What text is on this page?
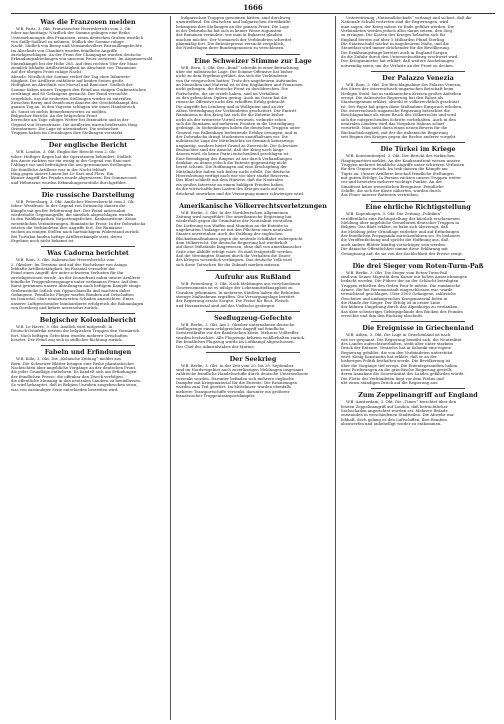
1666
Was die Franzosen melden
W.B. Paris, 3. Okt. Französischer Heeresbericht vom 2. Ok-
tober nachmittags: Nördlich der Somme gelingen eine Reihe
Unternehmungen den Franzosen, einen deutschen Graben westlich
von Sailly-Saillisel zu nehmen. Südlich der Somme ruhige
Nacht. Südlich von Berny und Vermandovillers Patrouillengefechte.
Im Abschnitt von Chaulnes wurden feindliche Angriffe
zurückgeschlagen. An der Front der Champagne wurden deutsche
Erkundungsabteilungen von unserem Feuer zerstreut. Im Argonnerwald
Minenkämpfe bei der Höhe 285. Auf dem rechten Ufer der Maas
ziemlich lebhafte Artillerietätigkeit im Abschnitt von Thiaumont.
Auf der übrigen Front ruhige Nacht.
Abends: Nördlich der Somme verlief der Tag ohne Infanterie-
tätigkeit. Die Artillerie entfaltete auf beiden Seiten große
Heftigkeit im Abschnitt von Morval und Rancourt. Südlich der
Somme haben unsere Truppen den Feind aus einigen Grabenstücken
verdrängt und 80 Gefangene gemacht. Der Feind versuchte
vergeblich, uns die eroberten Stellungen wieder zu entreißen.
Zwischen Berny und Deniécourt dauerte der Geschützkampf den
ganzen Tag an. In den Vogesen schlugen wir einen Handstreich
ab. Sonst ist nichts Bemerkenswertes zu melden.
Belgischer Bericht: An der belgischen Front
herrschte am Tage ruhiges Wetter bei Dixmuiden und in der
Gegend von Steenstraate. Die Artillerien waren beiderseits tätig.
Orientarmee: Die Lage ist unverändert. Die serbischen
Truppen haben im Cernabogen ihre Stellungen verstärkt.
Der englische Bericht
W.B. London, 3. Okt. Englischer Bericht vom 2. Ok-
tober: Heftiger Regen hat die Operationen behindert. Südlich
des Ancre rückten wir ein wenig in der Gegend von Eaucourt
l'Abbaye vor und befestigten die neu gewonnenen Stellungen.
Die feindliche Artillerie war in der Nacht lebhaft
tätig gegen unsere Linien bei Le Sars und Flers. Ein
kleiner Angriff des Feindes wurde abgewiesen. Bei Gommecourt
und Hébuterne wurden Erkundungsvorstöße durchgeführt.
Die russische Darstellung
W.B. Petersburg, 3. Okt. Amtlicher Heeresbericht vom 2. Ok-
tober: Westfront: In der Gegend von Swiniuchy dauern die
Kämpfe mit großer Erbitterung fort. Der Feind unternahm
wiederholte Gegenangriffe, die sämtlich abgeschlagen wurden.
In den Waldkarpathen Vorpostengefechte. Kaukasusfront: Keine
wesentlichen Veränderungen. Rumänische Front: In der Dobrudscha
setzten die Verbündeten ihre Angriffe fort. Die Rumänen
wichen an einigen Stellen nach hartnäckigem Widerstand zurück.
Bei Turtukai fanden heftige Artilleriekämpfe statt, deren
Ergebnis noch nicht bekannt ist.
Was Cadorna berichtet
W.B. Rom, 3. Okt. Italienischer Heeresbericht vom
2. Oktober: Im Trentino und auf der Hochebene von Asiago
lebhafte Artillerietätigkeit. Im Fassatal versuchte der
Feind einen Angriff, der unter schweren Verlusten für ihn
zurückgewiesen wurde. An der Isonzofront nahm unsere Artillerie
feindliche Truppenbewegungen unter wirksames Feuer. Auf dem
Karst gewannen unsere Abteilungen nach heftigem Kampfe einige
Grabenstücke östlich von Oppacchiasella und machten dabei
Gefangene. Feindliche Flieger warfen Bomben auf Ortschaften
im Isonzotal, ohne nennenswerten Schaden anzurichten. Eines
unserer Luftgeschwader bombardierte erfolgreich die Bahnanlagen
von Dornberg und kehrte unversehrt zurück.
Belgischer Kolonialbericht
W.B. Le Havre, 3. Okt. Amtlich wird mitgeteilt: In
Deutsch-Ostafrika setzten die belgischen Truppen den Vormarsch
fort. Nach heftigen Gefechten wurden mehrere Ortschaften
besetzt. Der Feind zog sich in südlicher Richtung zurück.
Fabeln und Erfindungen
W.B. Köln, 3. Okt. Die „Kölnische Zeitung“ meldet aus
Bern: Die Schweizer Blätter bringen eine Reihe phantastischer
Nachrichten über angebliche Vorgänge an der deutschen Front,
die jeder Grundlage entbehren. Es handelt sich um Erfindungen
der feindlichen Presse, die offenbar den Zweck verfolgen,
die öffentliche Meinung in den neutralen Ländern zu beeinflussen.
So wird behauptet, daß in Belgien Unruhen ausgebrochen seien,
was von zuständiger Seite entschieden bestritten wird.
bulgarischen Truppen gewonnen hätten, sind durchweg
unzutreffend. Die deutschen und bulgarischen Streitkräfte
behaupten ihre Stellungen an der ganzen Front. Die Lage
in der Dobrudscha hat sich in keiner Weise zugunsten
der Rumänen verändert, wie man in Bukarest glauben
machen möchte. Der Vormarsch der Verbündeten schreitet
planmäßig fort. Die Ententepresse versucht vergeblich,
die Niederlagen ihrer Bundesgenossen zu verschleiern.
Eine Schweizer Stimme zur Lage
W.B. Bern, 3. Okt. Der „Bund“ schreibt in einer Betrachtung
über die militärische Lage: Die Somme-Offensive hat bisher
nicht zu dem Ergebnis geführt, das sich die Verbündeten
von ihr versprochen hatten. Trotz des ungeheuren Aufwandes
an Menschen und Material ist es den Engländern und Franzosen
nicht gelungen, die deutsche Front zu durchbrechen. Die
Fortschritte, die sie erzielt haben, sind im Verhältnis
zu den gebrachten Opfern gering. Auch im Osten hat die
russische Offensive nicht den erhofften Erfolg gebracht.
Die Angriffe bei Lemberg und in Wolhynien sind an der
zähen Verteidigung der Verbündeten gescheitert. Der Eintritt
Rumäniens in den Krieg hat sich für die Entente bisher
nicht als der erwartete Vorteil erwiesen, vielmehr sehen
sich die Rumänen auf mehreren Fronten in die Verteidigung
gedrängt. In Siebenbürgen haben die deutschen Truppen unter
General von Falkenhayn bedeutende Erfolge errungen, und in
der Dobrudscha dringt Mackensen unaufhaltsam vor. Die
militärische Lage der Mittelmächte ist demnach keineswegs
ungünstig, sondern bietet Grund zu Zuversicht. Die Schweizer
Beobachter sind der Ansicht, daß der Krieg noch lange
dauern wird, da keine Partei entscheidend geschlagen ist.
Eine Beendigung des Ringens ist nur durch Verhandlungen
denkbar, zu denen jedoch die Entente gegenwärtig nicht
bereit scheint. Die Hoffnungen auf eine Erschöpfung der
Mittelmächte haben sich bisher nicht erfüllt. Die deutsche
Heeresleitung verfügt nach wie vor über starke Reserven.
Das Blatt schließt mit dem Hinweis, daß die Neutralen
ein großes Interesse an einem baldigen Frieden haben,
da die wirtschaftlichen Lasten des Krieges auch auf sie
drückend einwirken und die Versorgung immer schwieriger wird.
Amerikanische Völkerrechtsverletzungen
W.B. Berlin, 3. Okt. In der Norddeutschen Allgemeinen
Zeitung wird ausgeführt: Die amerikanische Regierung hat
wiederholt gegen die Grundsätze der Neutralität verstoßen.
Die Lieferung von Waffen und Munition an die Entente in
ungeheurem Umfange ist mit den Pflichten eines neutralen
Staates unvereinbar. Auch die Duldung der englischen
Blockademaßnahmen gegen die neutrale Schiffahrt widerspricht
dem Völkerrecht. Die deutsche Regierung hat wiederholt
auf diese Mißstände hingewiesen, ohne daß von amerikanischer
Seite eine Abhilfe erfolgt wäre. Es muß festgestellt werden,
daß die Vereinigten Staaten durch ihr Verhalten die Dauer
des Krieges wesentlich verlängern. Das deutsche Volk wird
sich diese Tatsachen für die Zukunft merken müssen.
Aufruhr aus Rußland
W.B. Petersburg, 3. Okt. Nach Meldungen aus verschiedenen
Gouvernements ist es infolge der Lebensmittelknappheit zu
Unruhen gekommen. In mehreren Städten haben die Behörden
strenge Maßnahmen ergriffen. Die Versorgungslage bereitet
der Regierung ernste Sorgen. Die Preise für Brot, Fleisch
und Heizmaterial sind auf das Vielfache gestiegen.
Seeflugzeug-Gefechte
W.B. Berlin, 3. Okt. Am 2. Oktober unternahmen deutsche
Seeflugzeuge einen erfolgreichen Angriff auf feindliche
Seestreitkräfte vor der flandrischen Küste. Mehrere Volltreffer
wurden beobachtet. Alle Flugzeuge kehrten wohlbehalten zurück.
Ein feindliches Flugzeug wurde im Luftkampf abgeschossen.
Der Chef des Admiralstabes der Marine.
Der Seekrieg
W.B. Berlin, 3. Okt. In der Zeit vom 20. bis 29. September
sind im Nordseegebiet nach zuverlässigen Meldungen insgesamt
zahlreiche feindliche Handelsschiffe durch deutsche Unterseeboote
versenkt worden. Darunter befinden sich mehrere englische
Dampfer mit Kriegsmaterial für die Entente. Die Besatzungen
wurden zum Teil gerettet. Im Mittelmeer wurden ebenfalls
mehrere Transportschiffe versenkt, darunter ein größerer
französischer Truppentransportdampfer.
Unterstützung „Nationalblockade“ verlangt und sichert, daß die
Nationale Schuld vertreten sind die Regierungen, wird
man sagen, der Krieg müsse zu Ende geführt werden. Die
Verbündeten werden jedoch alles daran setzen, den Sieg
zu erringen. Die Kosten des Krieges belaufen sich für
England bereits auf über 5 Milliarden Pfund Sterling.
Die Staatsschuld wächst in ungeheurem Maße, und die
Steuerlast wird immer drückender für die Bevölkerung.
Die Ernährungsfrage bereitet auch in England Sorgen,
da die Zufuhr durch den Unterseebootkrieg erschwert wird.
Der Kriegsminister hat erklärt, daß weitere Aushebungen
notwendig seien, um die Verluste an der Front zu decken.
Der Palazzo Venezia
W.B. Rom, 3. Okt. Die Beschlagnahme des Palazzo Venezia,
des Sitzes der österreichisch-ungarischen Botschaft beim
Heiligen Stuhl, hat in vatikanischen Kreisen großes Aufsehen
erregt. Die italienische Regierung hat den Palast als
Staatseigentum erklärt, obwohl er völkerrechtlich geschützt
ist. Der Papst hat gegen diese Maßnahme Einspruch erhoben.
Die österreichisch-ungarische Regierung betrachtet die
Beschlagnahme als einen Bruch des Völkerrechts und wird
sich die entsprechenden Schritte vorbehalten. Auch in den
neutralen Ländern wird das Vorgehen Italiens scharf
verurteilt. Man sieht darin einen neuen Beweis für die
Rücksichtslosigkeit, mit der die italienische Regierung
seit Beginn des Krieges gegen die Rechte anderer vorgeht.
Die Türkei im Kriege
W.B. Konstantinopel, 3. Okt. Der Bericht des türkischen
Hauptquartiers meldet: An der Kaukasusfront wiesen unsere
Truppen mehrere feindliche Angriffe unter schweren Verlusten
für den Gegner zurück. Im Irak dauern die Kämpfe am
Tigris an. Unsere Artillerie beschoß feindliche Stellungen
mit gutem Erfolge. In Persien rückten unsere Truppen weiter
vor und besetzten mehrere wichtige Punkte. An der
Sinaifront keine wesentlichen Ereignisse. Feindliche
Schiffe, die sich der Küste näherten, wurden durch
das Feuer unserer Batterien vertrieben.
Eine ehrliche Richtigstellung
W.B. Kopenhagen, 3. Okt. Die Zeitung „Politiken“
veröffentlicht eine Richtigstellung der kürzlich erschienenen
Meldung über angebliche Greueltaten deutscher Truppen in
Belgien. Das Blatt erklärt, es habe sich überzeugt, daß
die Meldung jeder Grundlage entbehre und auf Erfindungen
der feindlichen Propaganda zurückzuführen sei. Es bedauert
die Veröffentlichung und spricht die Hoffnung aus, daß
auch andere Blätter künftig vorsichtiger sein werden.
Die dänische Öffentlichkeit nimmt diese Erklärung mit
Genugtuung auf, da sie von der Sachlichkeit der Presse zeugt.
Die drei Sieger vom Roten-Turm-Paß
W.B. Berlin, 3. Okt. Die Sieger vom Roten-Turm-Paß
sind von Seiner Majestät dem Kaiser mit hohen Auszeichnungen
bedacht worden. Die Führer der an der Schlacht beteiligten
Truppen erhielten den Orden Pour le mérite. Die rumänische
Armee, die bei Hermannstadt eingeschlossen war, wurde
vernichtend geschlagen. Über 3000 Gefangene, zahlreiche
Geschütze und umfangreiches Kriegsmaterial fielen in
die Hände der Sieger. Der Erfolg ist in erster Linie
der kühnen Umgehung durch das Alpenkorps zu verdanken,
das über schwieriges Gebirgsgelände den Rücken des Feindes
erreichte und ihm den Rückzug abschnitt.
Die Ereignisse in Griechenland
W.B. Athen, 3. Okt. Die Lage in Griechenland ist nach
wie vor gespannt. Die Regierung bemüht sich, die Neutralität
des Landes aufrechtzuerhalten, steht aber unter starkem
Druck der Entente. Venizelos hat in Saloniki eine eigene
Regierung gebildet, die von den Verbündeten unterstützt
wird. König Konstantin hat erklärt, daß er an der
bisherigen Politik festhalten werde. Die Bevölkerung ist
über die Vorgänge tief erregt. Die Ententegesandten haben
neue Forderungen an die griechische Regierung gestellt,
deren Annahme die Souveränität des Landes gefährden würde.
Die Flotte der Verbündeten liegt vor dem Piräus und
übt einen ständigen Druck auf die Regierung aus.
Zum Zeppelinangriff auf England
W.B. Amsterdam, 3. Okt. Die „Times“ berichtet über den
letzten Zeppelinangriff auf London, daß beträchtlicher
Sachschaden angerichtet worden sei. Mehrere Brände
entstanden in verschiedenen Stadtteilen. Die Abwehr war
lebhaft, doch gelang es den Luftschiffen, ihre Bomben
abzuwerfen und unbehelligt wieder zu entkommen.
